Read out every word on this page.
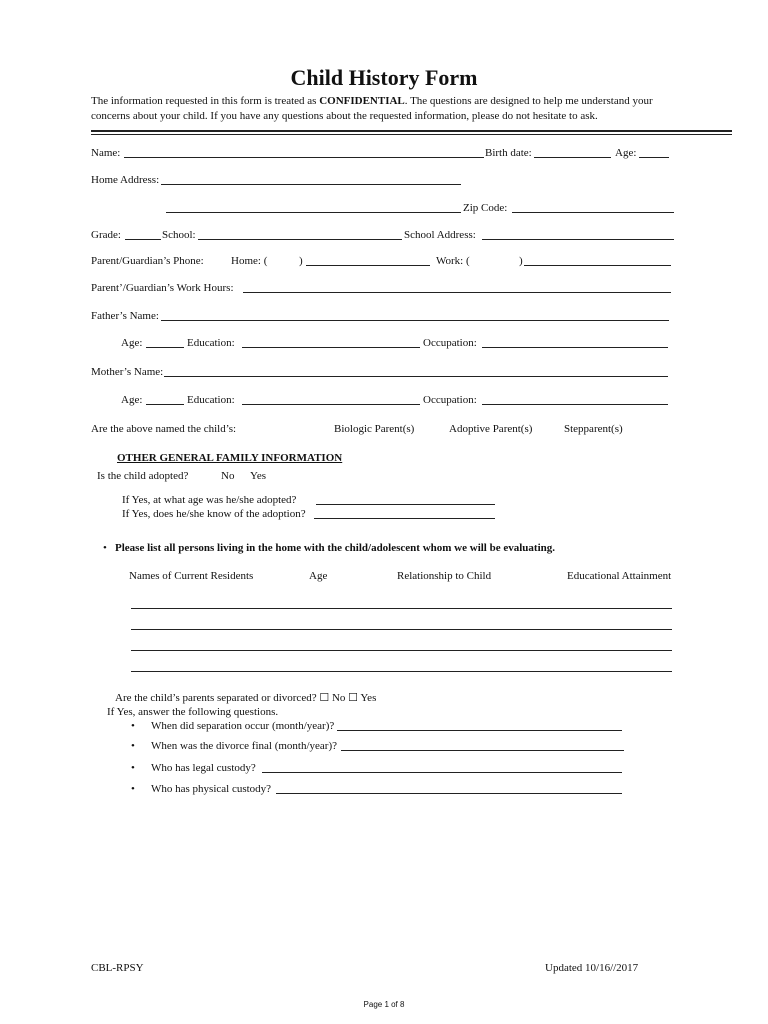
Child History Form
The information requested in this form is treated as CONFIDENTIAL. The questions are designed to help me understand your
concerns about your child. If you have any questions about the requested information, please do not hesitate to ask.
Name:	Birth date:	Age:
Home Address:
Zip Code:
Grade:	School:	School Address:
Parent/Guardian’s Phone: Home: (	)	Work: (	)
Parent’/Guardian’s Work Hours:
Father’s Name:
Age:	Education:	Occupation:
Mother’s Name:
Age:	Education:	Occupation:
Are the above named the child’s:	Biologic Parent(s)	Adoptive Parent(s)	Stepparent(s)
OTHER GENERAL FAMILY INFORMATION
Is the child adopted?	No Yes
If Yes, at what age was he/she adopted?
If Yes, does he/she know of the adoption?
• Please list all persons living in the home with the child/adolescent whom we will be evaluating.
Names of Current Residents	Age	Relationship to Child	Educational Attainment
Are the child’s parents separated or divorced? ☐ No ☐ Yes
If Yes, answer the following questions.
• When did separation occur (month/year)?
• When was the divorce final (month/year)?
• Who has legal custody?
• Who has physical custody?
CBL-RPSY	Updated 10/16//2017
Page 1 of 8
